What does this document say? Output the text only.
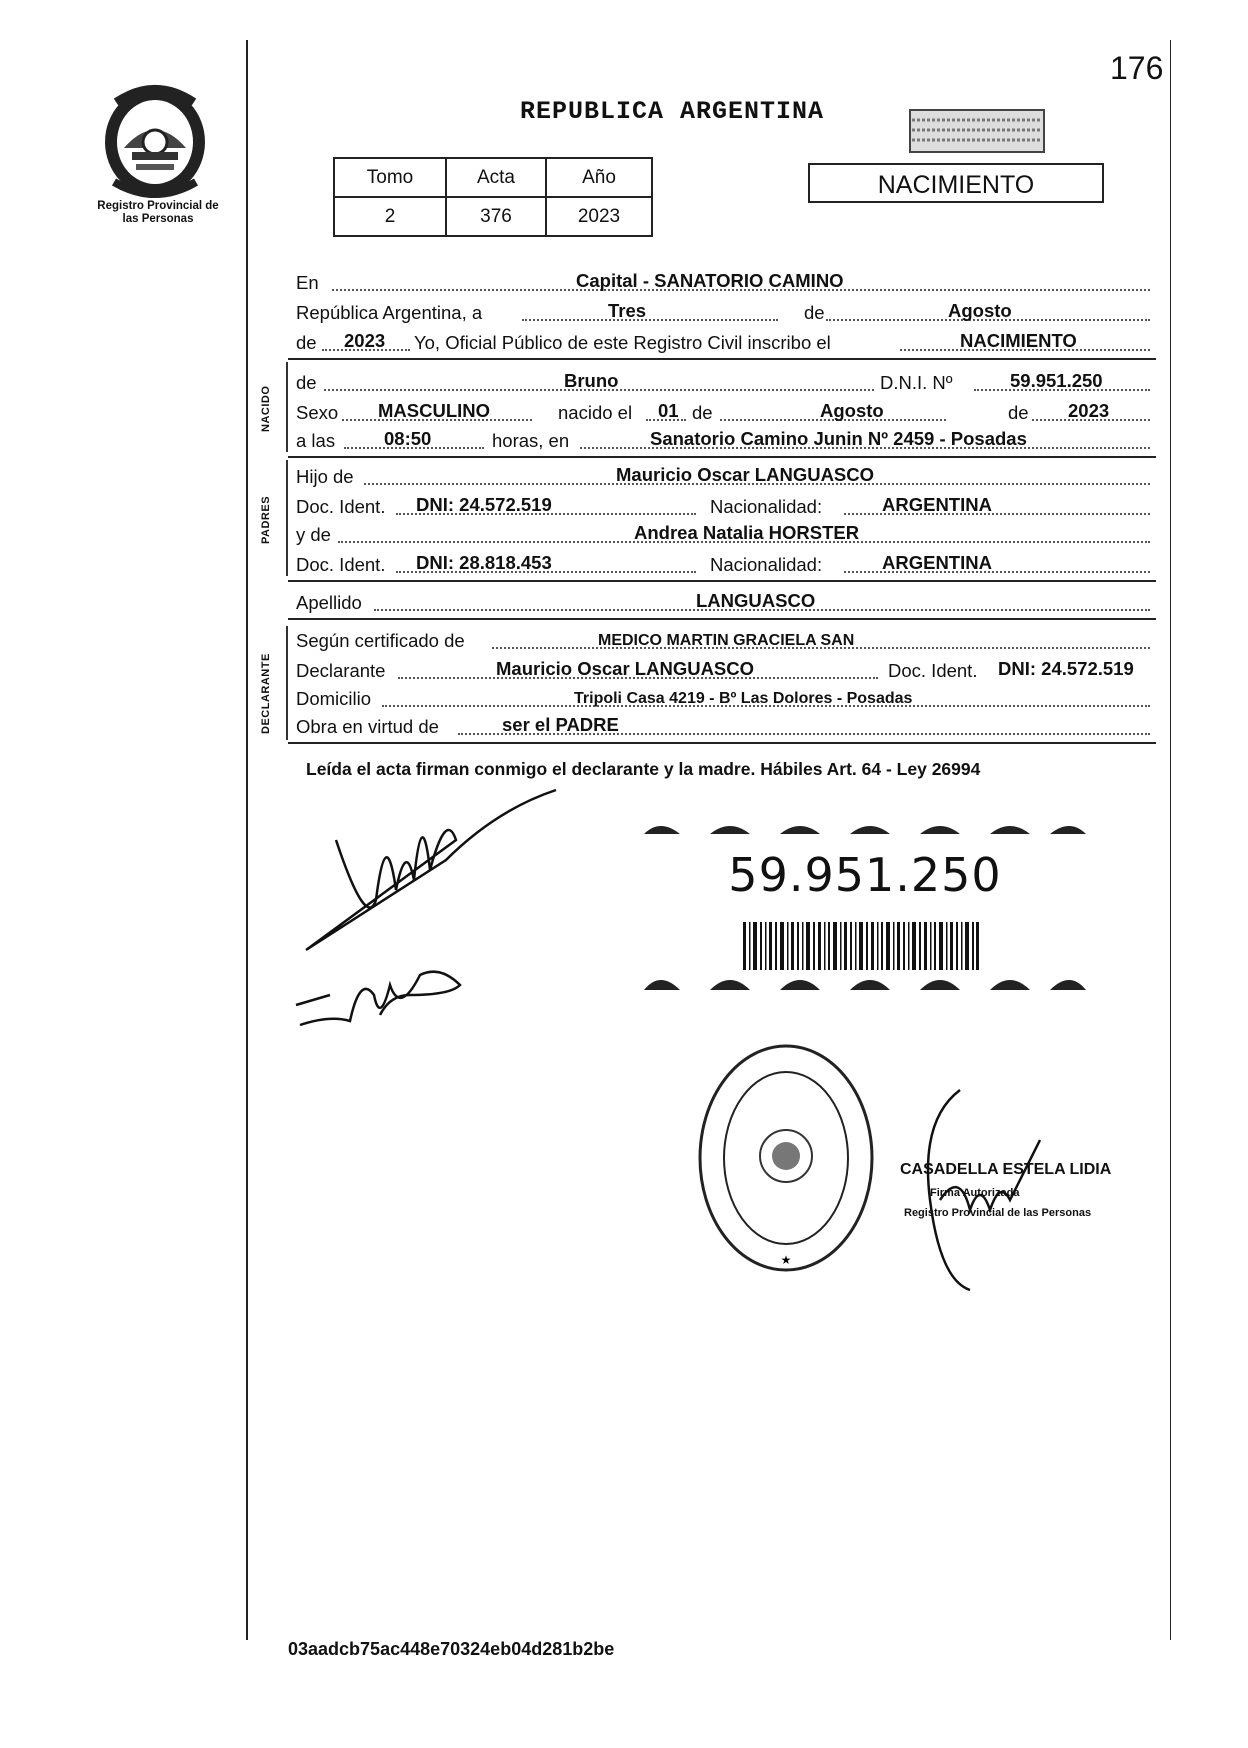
176
Registro Provincial de las Personas
REPUBLICA ARGENTINA
NACIMIENTO
Tomo	Acta	Año
2	376	2023
En	Capital - SANATORIO CAMINO
República Argentina, a	Tres	de	Agosto
de 2023 Yo, Oficial Público de este Registro Civil inscribo el	NACIMIENTO
NACIDO
de	Bruno	D.N.I. Nº	59.951.250
Sexo MASCULINO	nacido el 01 de	Agosto	de 2023
a las	08:50	horas, en	Sanatorio Camino Junin Nº 2459 - Posadas
PADRES
Hijo de	Mauricio Oscar LANGUASCO
Doc. Ident. DNI: 24.572.519	Nacionalidad:	ARGENTINA
y de	Andrea Natalia HORSTER
Doc. Ident. DNI: 28.818.453	Nacionalidad:	ARGENTINA
Apellido	LANGUASCO
DECLARANTE
Según certificado de	MEDICO MARTIN GRACIELA SAN
Declarante	Mauricio Oscar LANGUASCO	Doc. Ident. DNI: 24.572.519
Domicilio	Tripoli Casa 4219 - Bº Las Dolores - Posadas
Obra en virtud de	ser el PADRE
Leída el acta firman conmigo el declarante y la madre. Hábiles Art. 64 - Ley 26994
59.951.250
★
CASADELLA ESTELA LIDIA
Firma Autorizada
Registro Provincial de las Personas
03aadcb75ac448e70324eb04d281b2be
